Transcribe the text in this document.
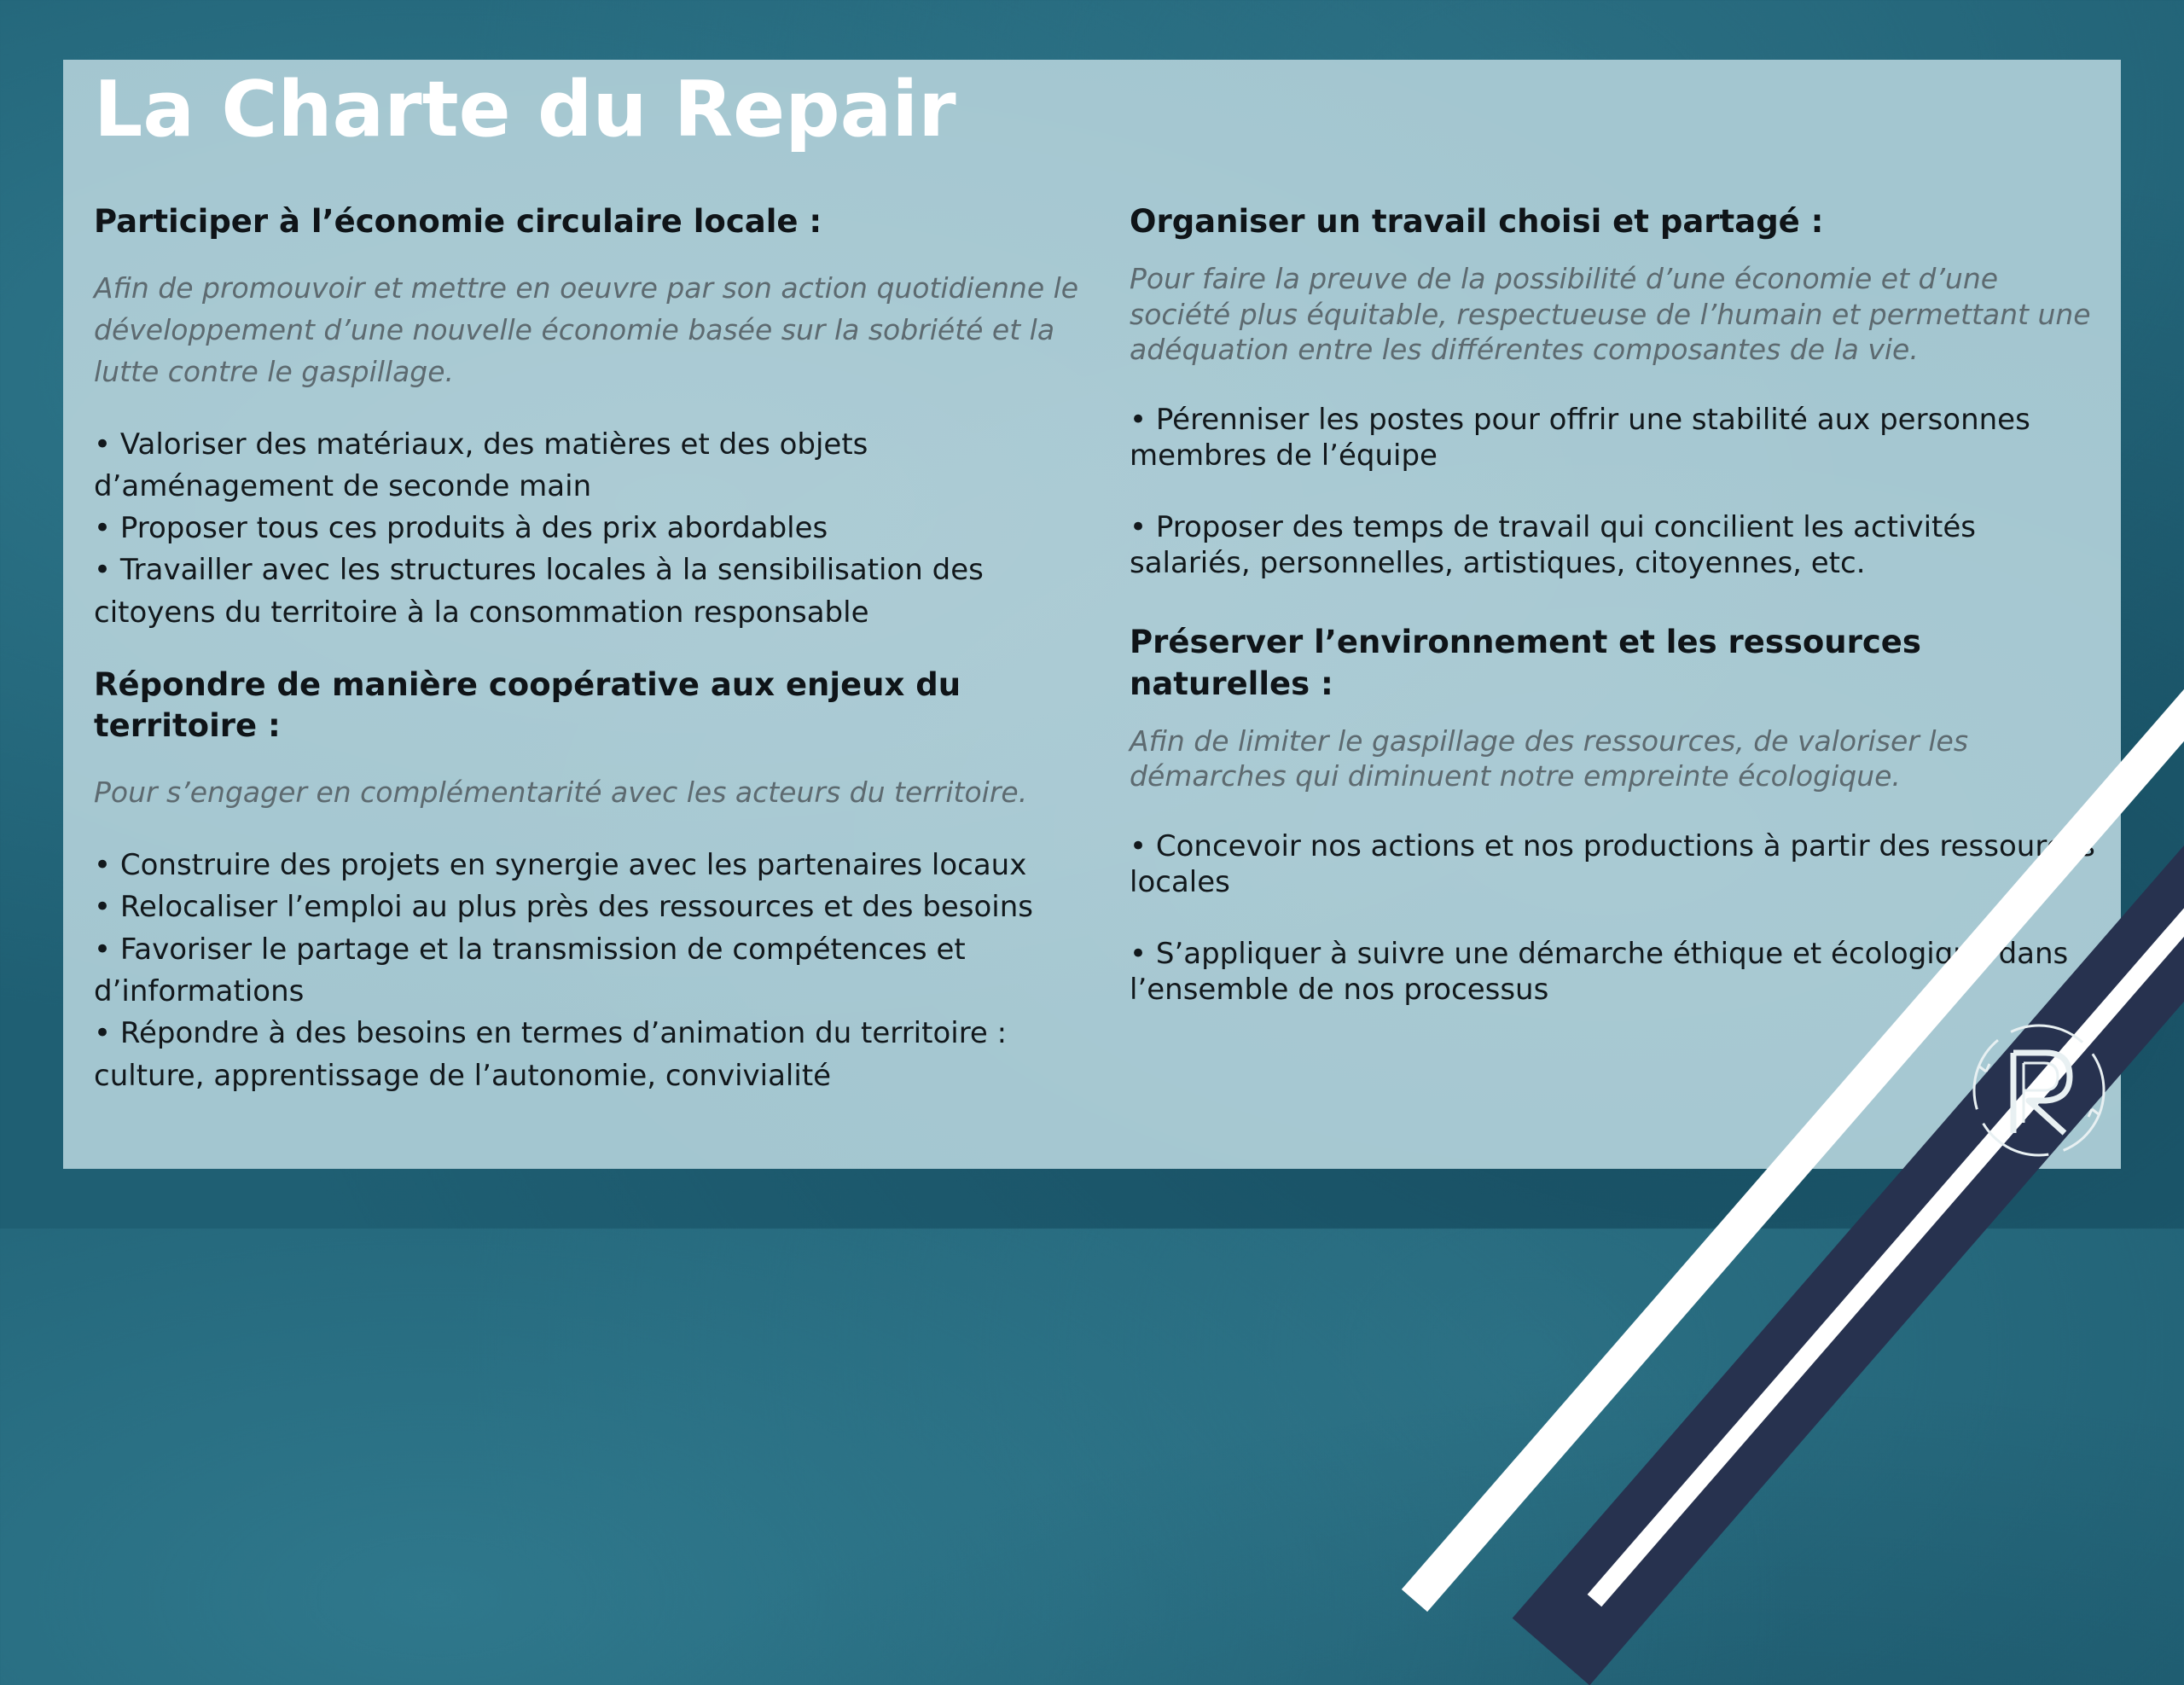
La Charte du Repair
Participer à l’économie circulaire locale :

Afin de promouvoir et mettre en oeuvre par son action quotidienne le développement d’une nouvelle économie basée sur la sobriété et la lutte contre le gaspillage.

• Valoriser des matériaux, des matières et des objets d’aménagement de seconde main
• Proposer tous ces produits à des prix abordables
• Travailler avec les structures locales à la sensibilisation des citoyens du territoire à la consommation responsable
Répondre de manière coopérative aux enjeux du territoire :

Pour s’engager en complémentarité avec les acteurs du territoire.

• Construire des projets en synergie avec les partenaires locaux
• Relocaliser l’emploi au plus près des ressources et des besoins
• Favoriser le partage et la transmission de compétences et d’informations
• Répondre à des besoins en termes d’animation du territoire : culture, apprentissage de l’autonomie, convivialité
Organiser un travail choisi et partagé :

Pour faire la preuve de la possibilité d’une économie et d’une société plus équitable, respectueuse de l’humain et permettant une adéquation entre les différentes composantes de la vie.

• Pérenniser les postes pour offrir une stabilité aux personnes membres de l’équipe
• Proposer des temps de travail qui concilient les activités salariés, personnelles, artistiques, citoyennes, etc.
Préserver l’environnement et les ressources naturelles :

Afin de limiter le gaspillage des ressources, de valoriser les démarches qui diminuent notre empreinte écologique.

• Concevoir nos actions et nos productions à partir des ressources locales
• S’appliquer à suivre une démarche éthique et écologique dans l’ensemble de nos processus
